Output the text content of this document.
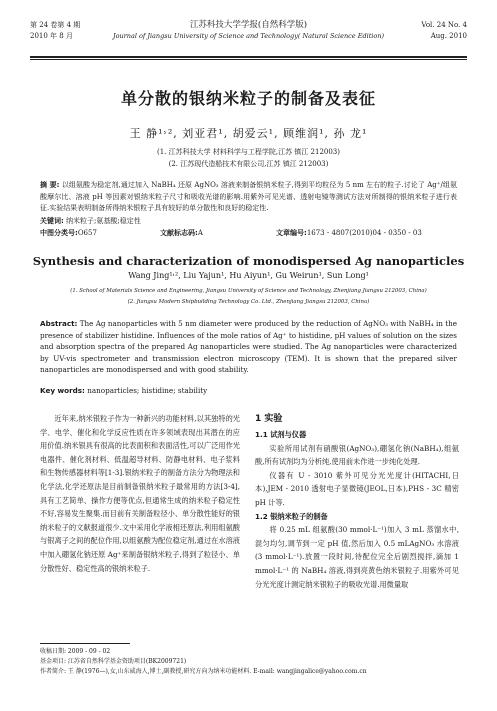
第 24 卷第 4 期
2010 年 8 月
江苏科技大学学报(自然科学版)
Journal of Jiangsu University of Science and Technology( Natural Science Edition)
Vol. 24 No. 4
Aug. 2010
单分散的银纳米粒子的制备及表征
王 静¹˒², 刘亚君¹, 胡爱云¹, 顾维润¹, 孙 龙¹
(1. 江苏科技大学 材料科学与工程学院,江苏 镇江 212003)
(2. 江苏现代造船技术有限公司,江苏 镇江 212003)
摘 要: 以组氨酸为稳定剂,通过加入 NaBH₄ 还原 AgNO₃ 溶液来制备银纳米粒子,得到平均粒径为 5 nm 左右的粒子.讨论了 Ag⁺/组氨酸摩尔比、溶液 pH 等因素对银纳米粒子尺寸和吸收光谱的影响.用紫外可见光谱、透射电镜等测试方法对所制得的银纳米粒子进行表征.实验结果表明制备所得纳米银粒子具有较好的单分散性和良好的稳定性.
关键词: 纳米粒子;氨基酸;稳定性
中图分类号:O657	文献标志码:A	文章编号:1673 - 4807(2010)04 - 0350 - 03
Synthesis and characterization of monodispersed Ag nanoparticles
Wang Jing¹˒², Liu Yajun¹, Hu Aiyun¹, Gu Weirun¹, Sun Long¹
(1. School of Materials Science and Engineering, Jiangsu University of Science and Technology, Zhenjiang Jiangsu 212003, China)
(2. Jiangsu Modern Shipbuilding Technology Co. Ltd., Zhenjiang Jiangsu 212003, China)
Abstract: The Ag nanoparticles with 5 nm diameter were produced by the reduction of AgNO₃ with NaBH₄ in the presence of stabilizer histidine. Influences of the mole ratios of Ag⁺ to histidine, pH values of solution on the sizes and absorption spectra of the prepared Ag nanoparticles were studied. The Ag nanoparticles were characterized by UV-vis spectrometer and transmission electron microscopy (TEM). It is shown that the prepared silver nanoparticles are monodispersed and with good stability.
Key words: nanoparticles; histidine; stability

近年来,纳米银粒子作为一种新兴的功能材料,以其独特的光学、电学、催化和化学反应性质在许多领域表现出其潜在的应用价值.纳米银具有很高的比表面积和表面活性,可以广泛用作光电器件、催化剂材料、低温超导材料、防静电材料、电子浆料和生物传感器材料等[1-3].银纳米粒子的制备方法分为物理法和化学法,化学还原法是目前制备银纳米粒子最常用的方法[3-4],具有工艺简单、操作方便等优点,但通常生成的纳米粒子稳定性不好,容易发生聚集.而目前有关制备粒径小、单分散性能好的银纳米粒子的文献报道很少.文中采用化学液相还原法,利用组氨酸与银离子之间的配位作用,以组氨酸为配位稳定剂,通过在水溶液中加入硼氢化钠还原 Ag⁺来制备银纳米粒子,得到了粒径小、单分散性好、稳定性高的银纳米粒子.

1 实验
1.1 试剂与仪器

实验所用试剂有硝酸银(AgNO₃),硼氢化钠(NaBH₄),组氨酸,所有试剂均为分析纯,使用前未作进一步纯化处理.

仪器有 U - 3010 紫外可见分光光度计(HITACHI,日本),JEM - 2010 透射电子显微镜(JEOL,日本),PHS - 3C 精密 pH 计等.

1.2 银纳米粒子的制备

将 0.25 mL 组氨酸(30 mmol·L⁻¹)加入 3 mL 蒸馏水中,混匀均匀,调节到一定 pH 值,然后加入 0.5 mLAgNO₃ 水溶液(3 mmol·L⁻¹).放置一段时间,待配位完全后剧烈搅拌,滴加 1 mmol·L⁻¹ 的 NaBH₄ 溶液,得到亮黄色纳米银粒子.用紫外可见分光光度计测定纳米银粒子的吸收光谱.用微量取

收稿日期: 2009 - 09 - 02
基金项目: 江苏省自然科学基金资助项目(BK2009721)
作者简介: 王 静(1976—),女,山东威海人,博士,副教授,研究方向为纳米功能材料. E-mail: wangjingalice@yahoo.com.cn
